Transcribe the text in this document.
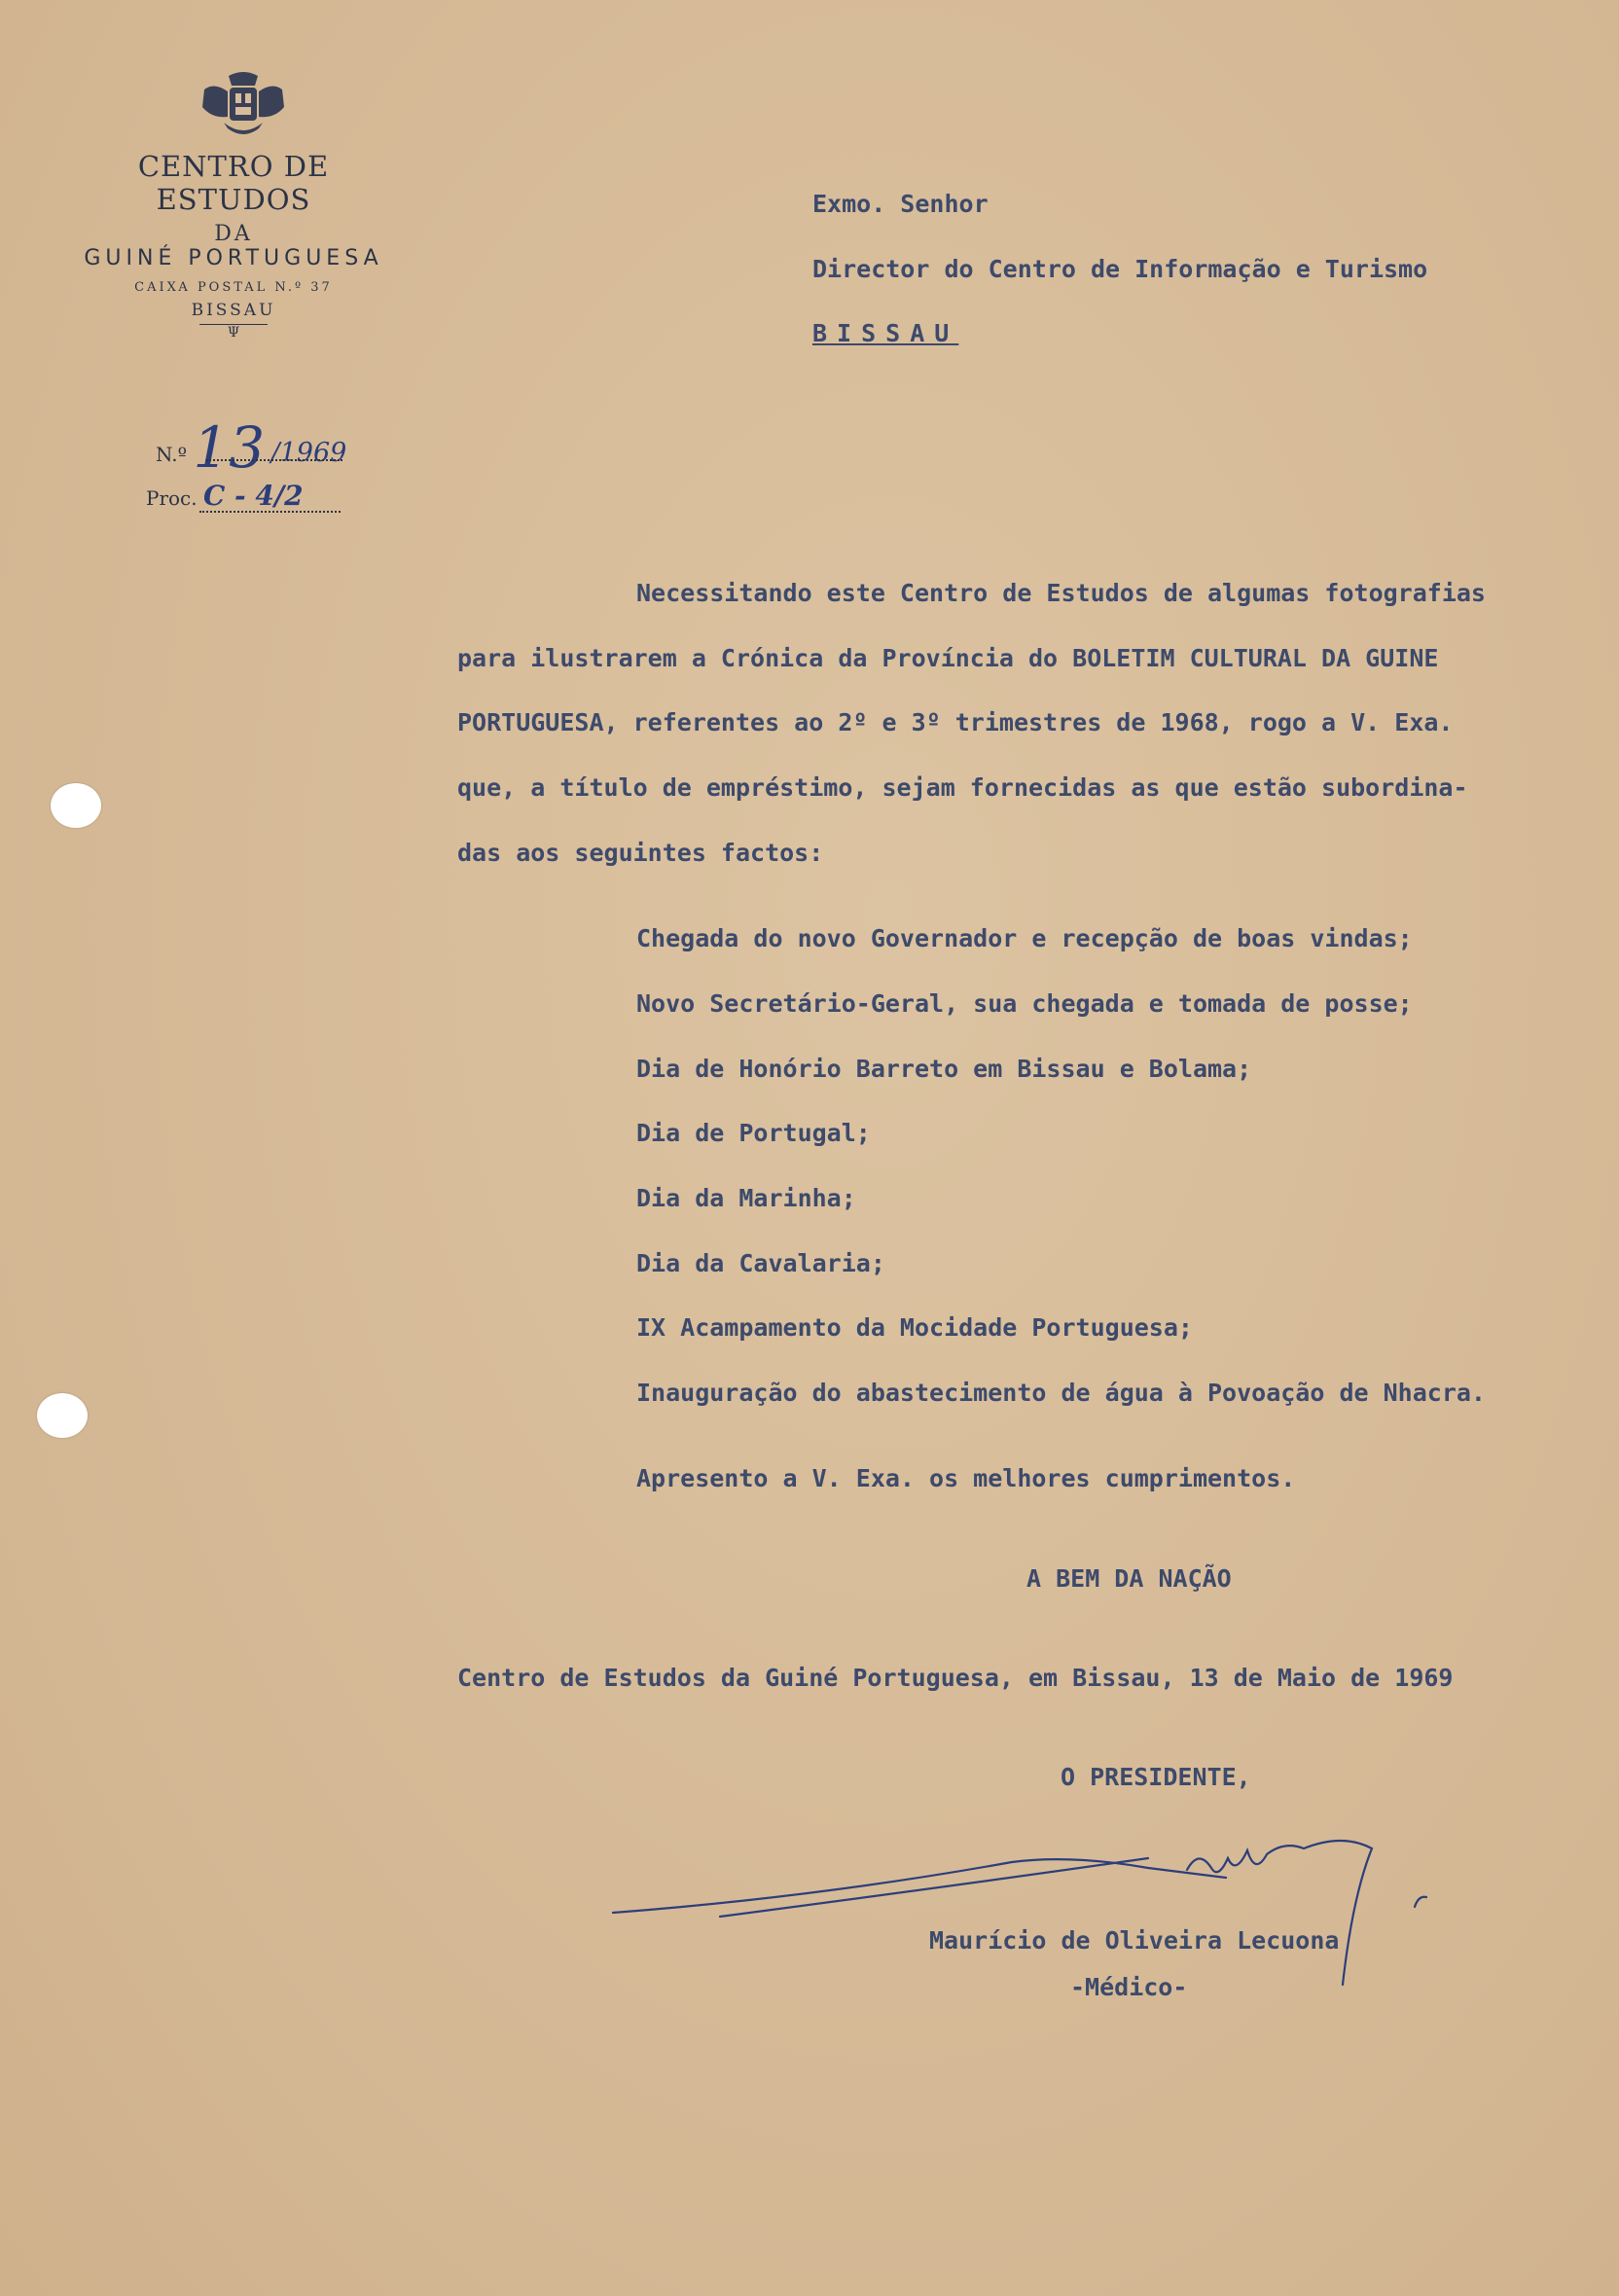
CENTRO DE ESTUDOS
DA
GUINÉ PORTUGUESA
CAIXA POSTAL N.º 37
BISSAU
Ψ
N.º 13 /1969
Proc. C - 4/2
Exmo. Senhor
Director do Centro de Informação e Turismo
BISSAU
Necessitando este Centro de Estudos de algumas fotografias
para ilustrarem a Crónica da Província do BOLETIM CULTURAL DA GUINE
PORTUGUESA, referentes ao 2º e 3º trimestres de 1968, rogo a V. Exa.
que, a título de empréstimo, sejam fornecidas as que estão subordina-
das aos seguintes factos:
Chegada do novo Governador e recepção de boas vindas;
Novo Secretário-Geral, sua chegada e tomada de posse;
Dia de Honório Barreto em Bissau e Bolama;
Dia de Portugal;
Dia da Marinha;
Dia da Cavalaria;
IX Acampamento da Mocidade Portuguesa;
Inauguração do abastecimento de água à Povoação de Nhacra.
Apresento a V. Exa. os melhores cumprimentos.
A BEM DA NAÇÃO
Centro de Estudos da Guiné Portuguesa, em Bissau, 13 de Maio de 1969
O PRESIDENTE,
Maurício de Oliveira Lecuona
-Médico-
